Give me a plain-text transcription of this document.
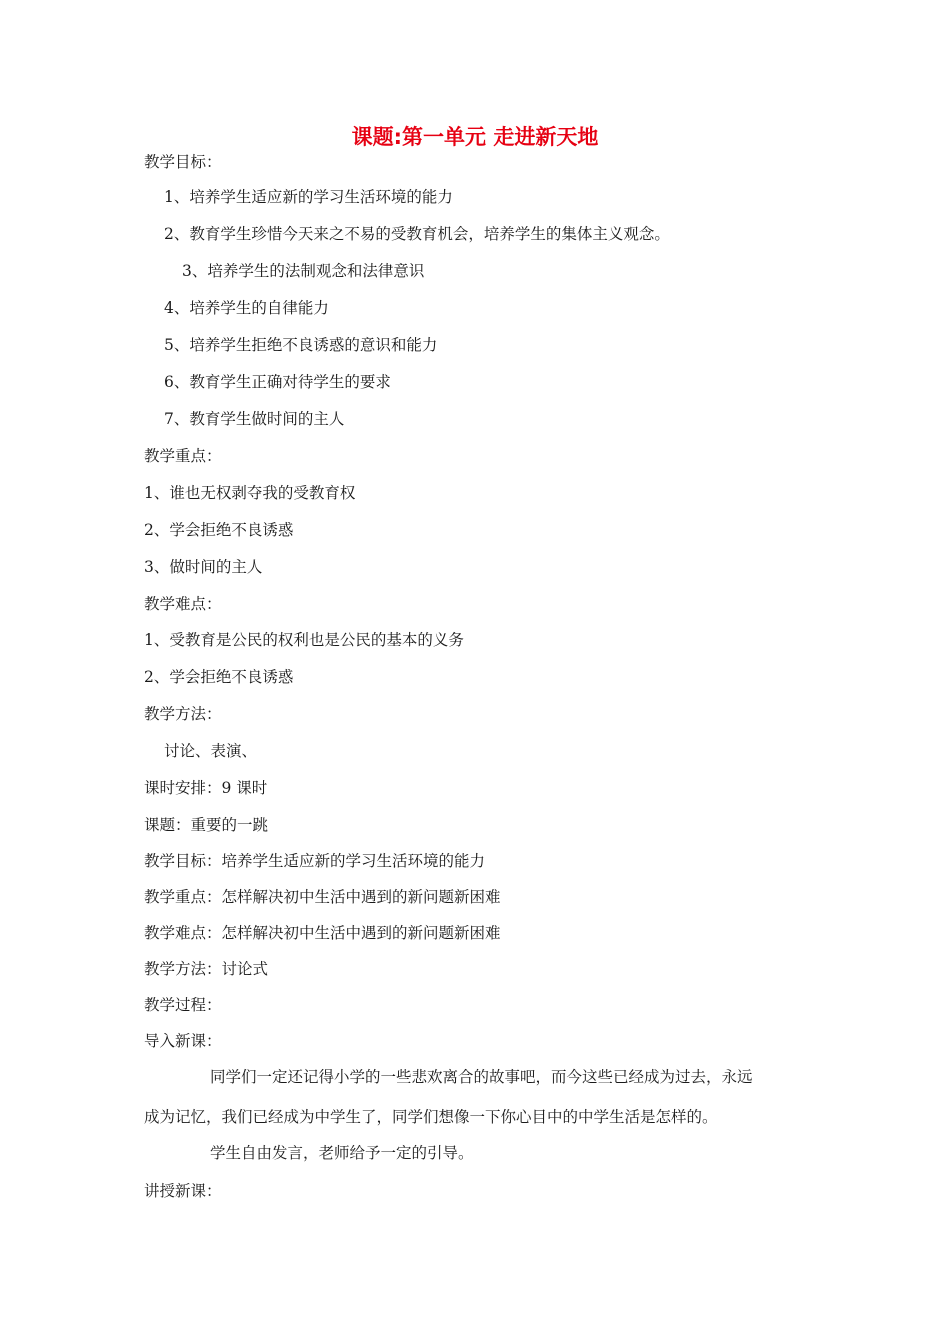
课题:第一单元 走进新天地
教学目标：
1、培养学生适应新的学习生活环境的能力
2、教育学生珍惜今天来之不易的受教育机会，培养学生的集体主义观念。
3、培养学生的法制观念和法律意识
4、培养学生的自律能力
5、培养学生拒绝不良诱惑的意识和能力
6、教育学生正确对待学生的要求
7、教育学生做时间的主人
教学重点：
1、谁也无权剥夺我的受教育权
2、学会拒绝不良诱惑
3、做时间的主人
教学难点：
1、受教育是公民的权利也是公民的基本的义务
2、学会拒绝不良诱惑
教学方法：
讨论、表演、
课时安排：9 课时
课题：重要的一跳
教学目标：培养学生适应新的学习生活环境的能力
教学重点：怎样解决初中生活中遇到的新问题新困难
教学难点：怎样解决初中生活中遇到的新问题新困难
教学方法：讨论式
教学过程：
导入新课：
同学们一定还记得小学的一些悲欢离合的故事吧，而今这些已经成为过去，永远
成为记忆，我们已经成为中学生了，同学们想像一下你心目中的中学生活是怎样的。
学生自由发言，老师给予一定的引导。
讲授新课：
